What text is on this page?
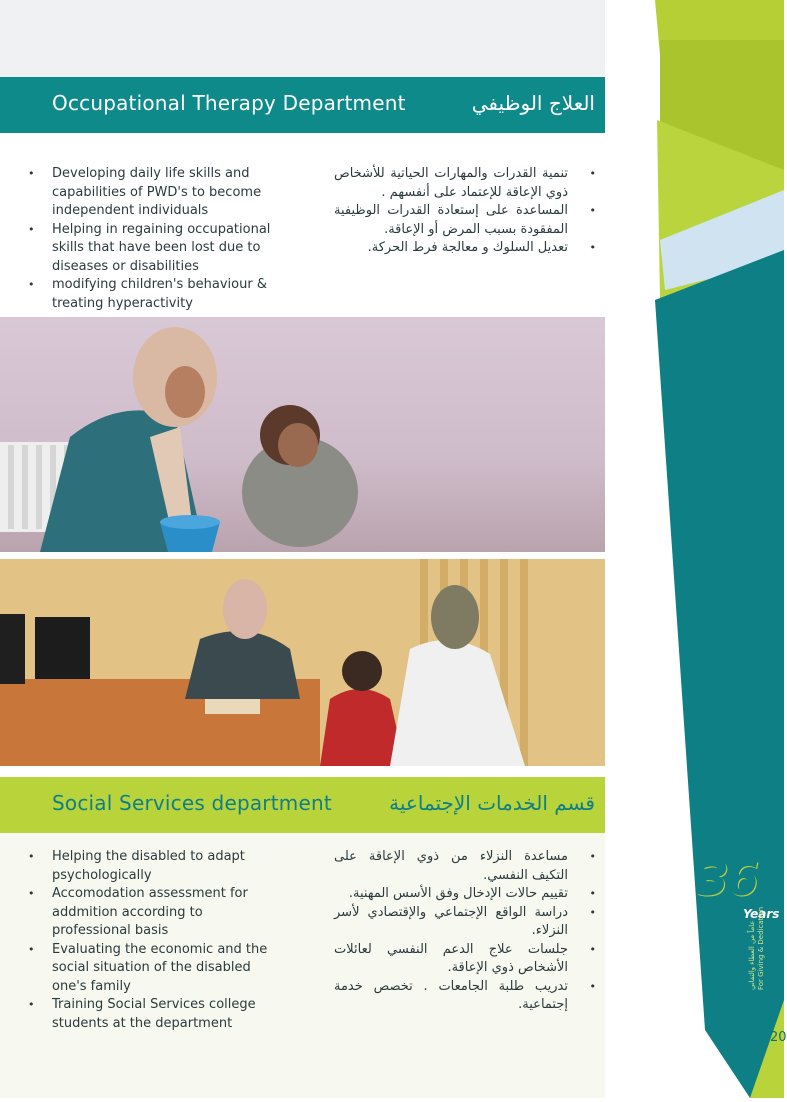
Occupational Therapy Department	العلاج الوظيفي
• Developing daily life skills and capabilities of PWD's to become independent individuals
• Helping in regaining occupational skills that have been lost due to diseases or disabilities
• modifying children's behaviour & treating hyperactivity
• تنمية القدرات والمهارات الحياتية للأشخاص ذوي الإعاقة للإعتماد على أنفسهم .
• المساعدة على إستعادة القدرات الوظيفية المفقودة بسبب المرض أو الإعاقة.
• تعديل السلوك و معالجة فرط الحركة.
Social Services department	قسم الخدمات الإجتماعية
• Helping the disabled to adapt psychologically
• Accomodation assessment for addmition according to professional basis
• Evaluating the economic and the social situation of the disabled one's family
• Training Social Services college students at the department
• مساعدة النزلاء من ذوي الإعاقة على التكيف النفسي.
• تقييم حالات الإدخال وفق الأسس المهنية.
• دراسة الواقع الإجتماعي والإقتصادي لأسر النزلاء.
• جلسات علاج الدعم النفسي لعائلات الأشخاص ذوي الإعاقة.
• تدريب طلبة الجامعات . تخصص خدمة إجتماعية.
36
Years
عاماً من العطاء والتفاني For Giving & Dedication
20
